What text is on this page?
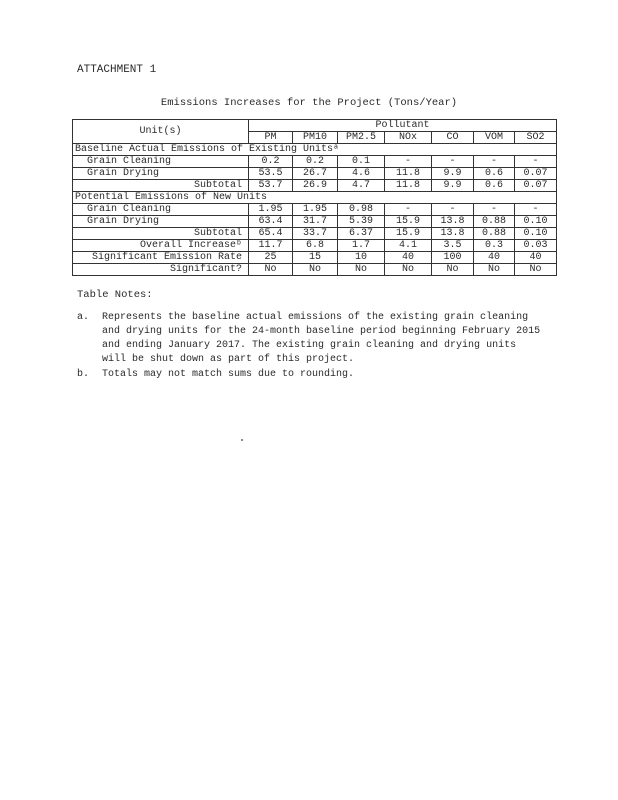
ATTACHMENT 1
Emissions Increases for the Project (Tons/Year)
Unit(s)	Pollutant						
	PM	PM10	PM2.5	NOx	CO	VOM	SO2
Baseline Actual Emissions of Existing Unitsᵃ							
Grain Cleaning	0.2	0.2	0.1	-	-	-	-
Grain Drying	53.5	26.7	4.6	11.8	9.9	0.6	0.07
Subtotal	53.7	26.9	4.7	11.8	9.9	0.6	0.07
Potential Emissions of New Units							
Grain Cleaning	1.95	1.95	0.98	-	-	-	-
Grain Drying	63.4	31.7	5.39	15.9	13.8	0.88	0.10
Subtotal	65.4	33.7	6.37	15.9	13.8	0.88	0.10
Overall Increaseᵇ	11.7	6.8	1.7	4.1	3.5	0.3	0.03
Significant Emission Rate	25	15	10	40	100	40	40
Significant?	No	No	No	No	No	No	No
Table Notes:
a. Represents the baseline actual emissions of the existing grain cleaning and drying units for the 24-month baseline period beginning February 2015 and ending January 2017. The existing grain cleaning and drying units will be shut down as part of this project.
b. Totals may not match sums due to rounding.
